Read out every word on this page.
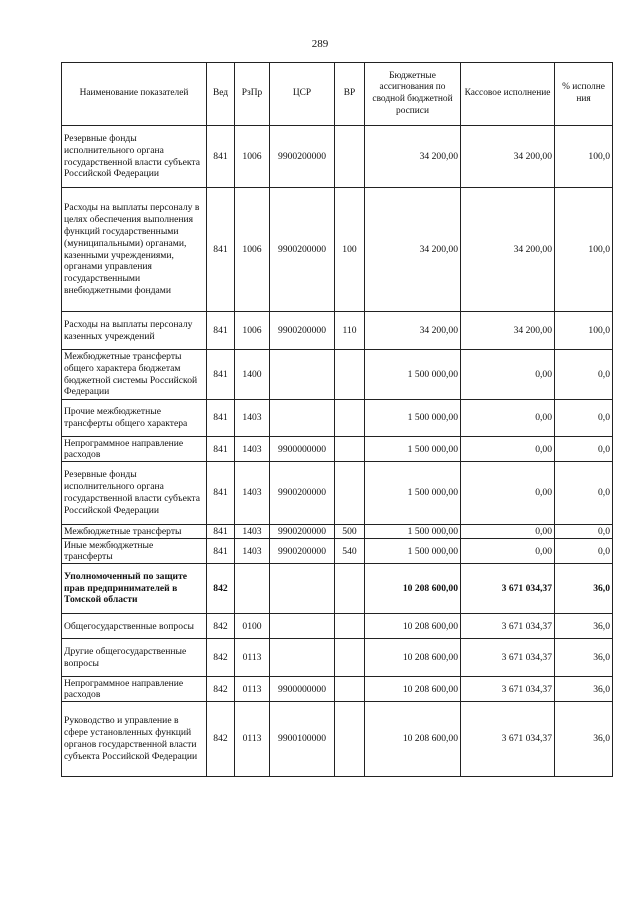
289
Наименование показателей	Вед	РзПр	ЦСР	ВР	Бюджетные ассигнования по сводной бюджетной росписи	Кассовое исполнение	% исполне ния
Резервные фонды исполнительного органа государственной власти субъекта Российской Федерации	841	1006	9900200000		34 200,00	34 200,00	100,0
Расходы на выплаты персоналу в целях обеспечения выполнения функций государственными (муниципальными) органами, казенными учреждениями, органами управления государственными внебюджетными фондами	841	1006	9900200000	100	34 200,00	34 200,00	100,0
Расходы на выплаты персоналу казенных учреждений	841	1006	9900200000	110	34 200,00	34 200,00	100,0
Межбюджетные трансферты общего характера бюджетам бюджетной системы Российской Федерации	841	1400			1 500 000,00	0,00	0,0
Прочие межбюджетные трансферты общего характера	841	1403			1 500 000,00	0,00	0,0
Непрограммное направление расходов	841	1403	9900000000		1 500 000,00	0,00	0,0
Резервные фонды исполнительного органа государственной власти субъекта Российской Федерации	841	1403	9900200000		1 500 000,00	0,00	0,0
Межбюджетные трансферты	841	1403	9900200000	500	1 500 000,00	0,00	0,0
Иные межбюджетные трансферты	841	1403	9900200000	540	1 500 000,00	0,00	0,0
Уполномоченный по защите прав предпринимателей в Томской области	842				10 208 600,00	3 671 034,37	36,0
Общегосударственные вопросы	842	0100			10 208 600,00	3 671 034,37	36,0
Другие общегосударственные вопросы	842	0113			10 208 600,00	3 671 034,37	36,0
Непрограммное направление расходов	842	0113	9900000000		10 208 600,00	3 671 034,37	36,0
Руководство и управление в сфере установленных функций органов государственной власти субъекта Российской Федерации	842	0113	9900100000		10 208 600,00	3 671 034,37	36,0
